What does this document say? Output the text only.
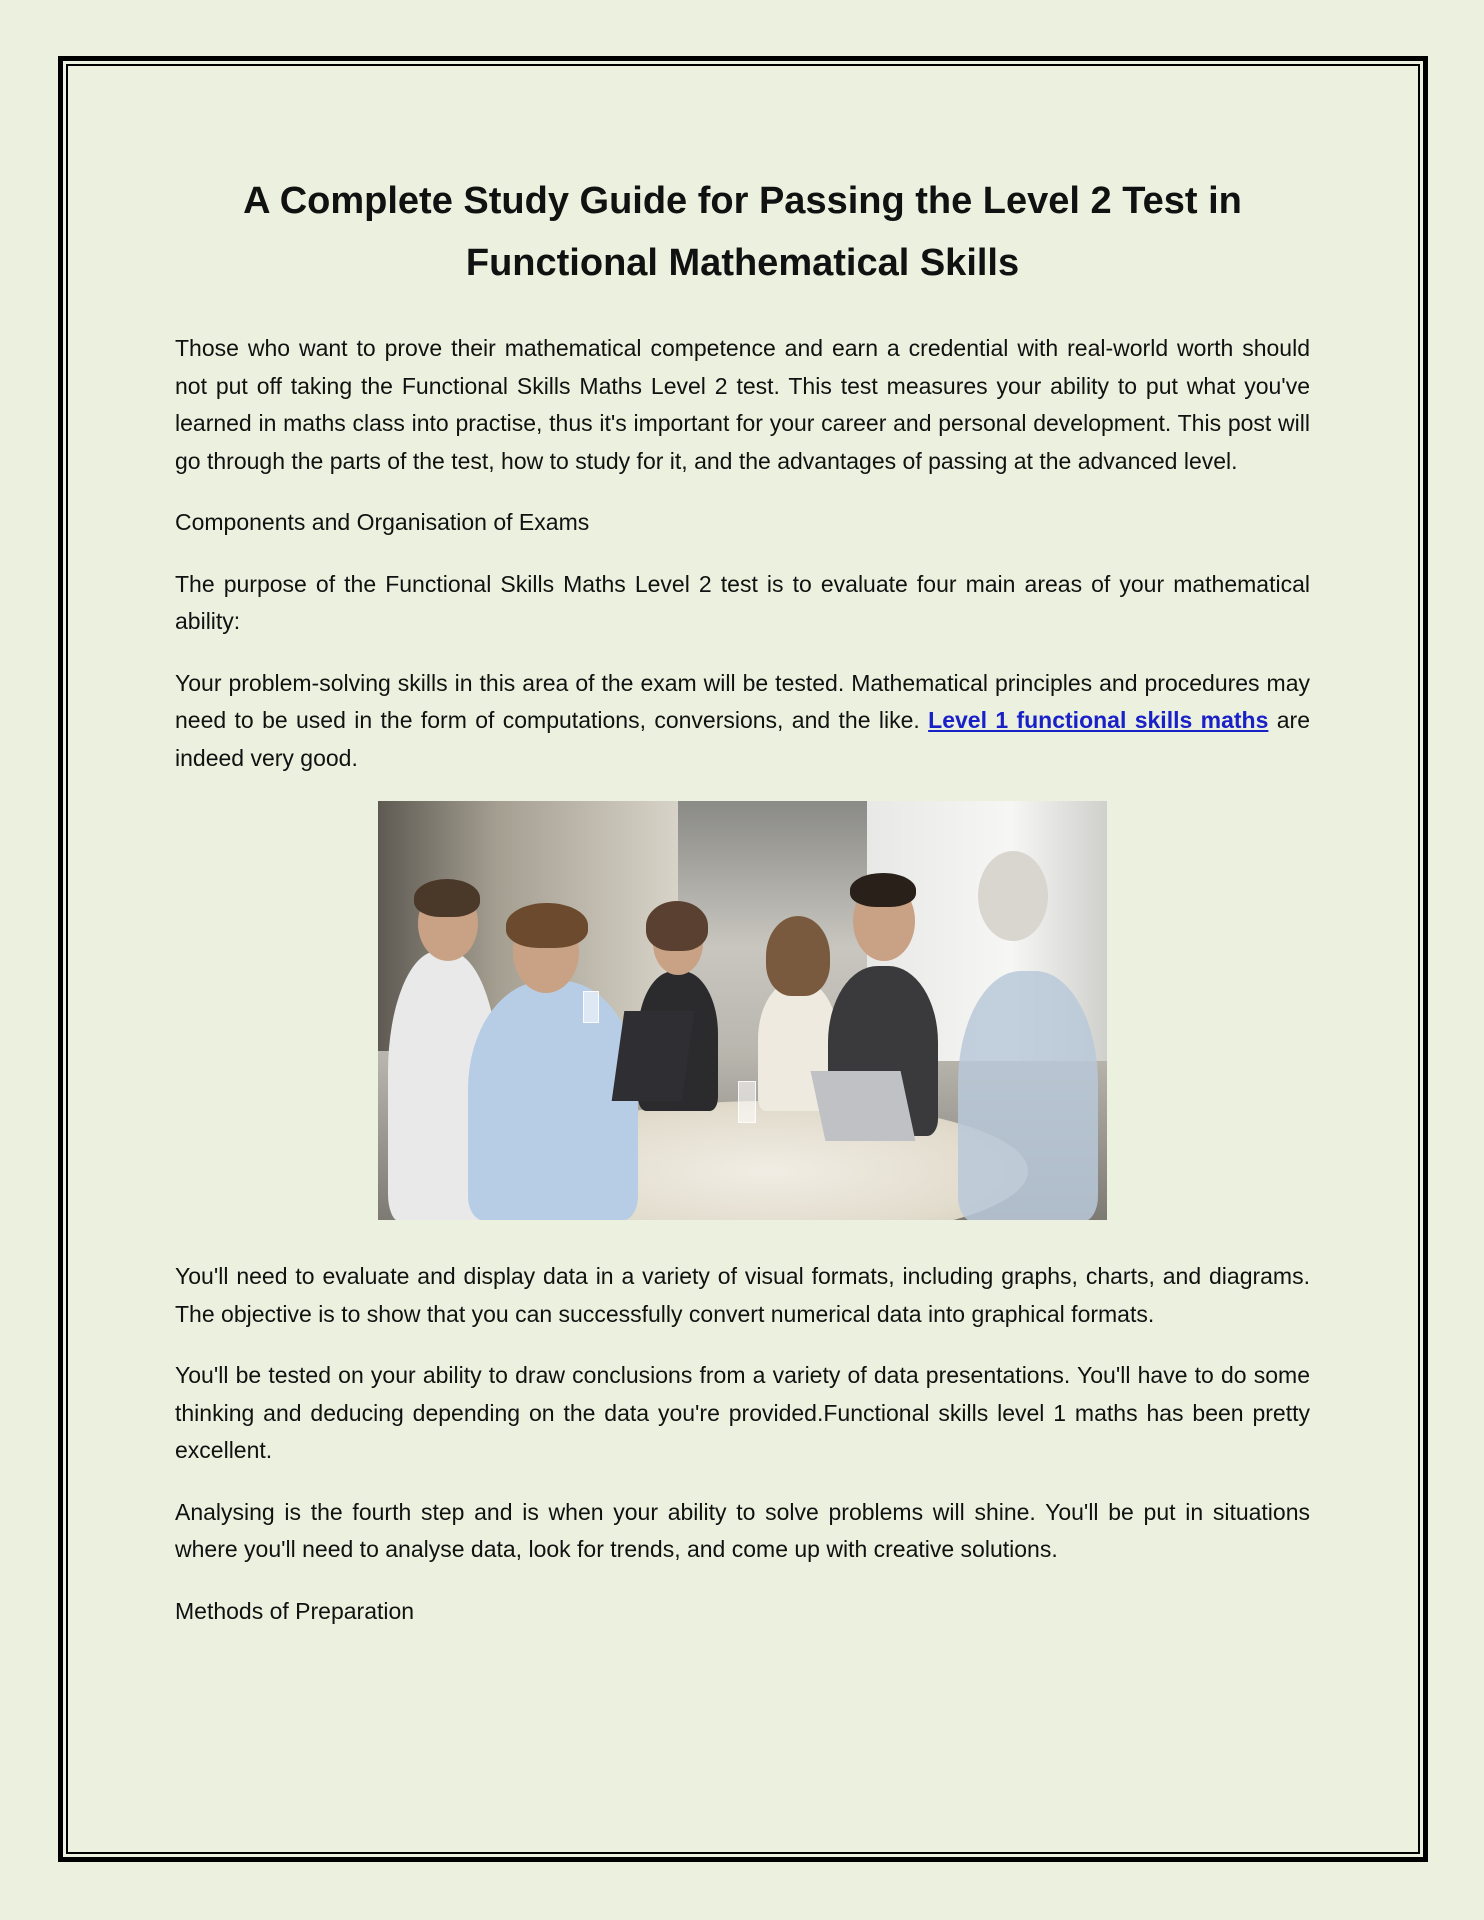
A Complete Study Guide for Passing the Level 2 Test in Functional Mathematical Skills

Those who want to prove their mathematical competence and earn a credential with real-world worth should not put off taking the Functional Skills Maths Level 2 test. This test measures your ability to put what you've learned in maths class into practise, thus it's important for your career and personal development. This post will go through the parts of the test, how to study for it, and the advantages of passing at the advanced level.

Components and Organisation of Exams

The purpose of the Functional Skills Maths Level 2 test is to evaluate four main areas of your mathematical ability:

Your problem-solving skills in this area of the exam will be tested. Mathematical principles and procedures may need to be used in the form of computations, conversions, and the like. Level 1 functional skills maths are indeed very good.

You'll need to evaluate and display data in a variety of visual formats, including graphs, charts, and diagrams. The objective is to show that you can successfully convert numerical data into graphical formats.

You'll be tested on your ability to draw conclusions from a variety of data presentations. You'll have to do some thinking and deducing depending on the data you're provided.Functional skills level 1 maths has been pretty excellent.

Analysing is the fourth step and is when your ability to solve problems will shine. You'll be put in situations where you'll need to analyse data, look for trends, and come up with creative solutions.

Methods of Preparation
